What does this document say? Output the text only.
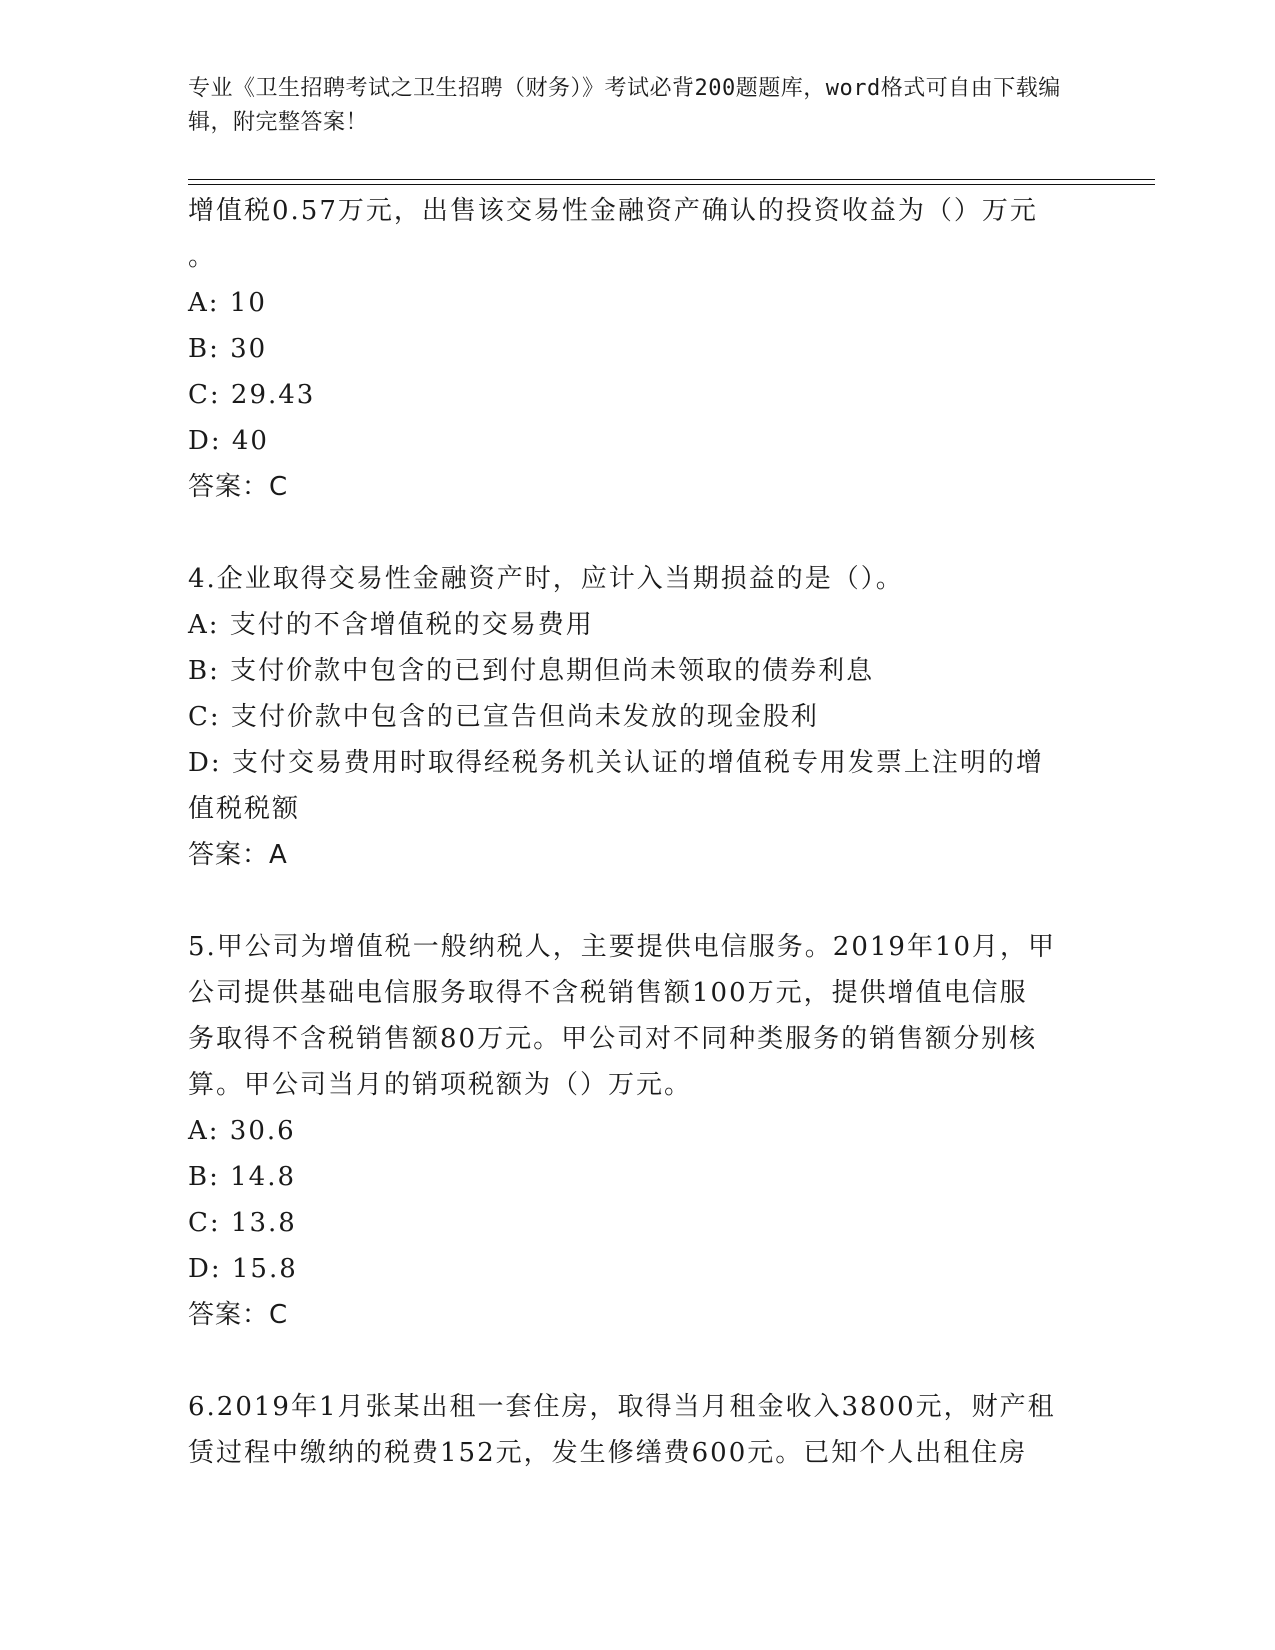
专业《卫生招聘考试之卫生招聘（财务）》考试必背200题题库，word格式可自由下载编辑，附完整答案！

增值税0.57万元，出售该交易性金融资产确认的投资收益为（）万元
。
A: 10
B: 30
C: 29.43
D: 40
答案：C
4.企业取得交易性金融资产时，应计入当期损益的是（）。
A: 支付的不含增值税的交易费用
B: 支付价款中包含的已到付息期但尚未领取的债券利息
C: 支付价款中包含的已宣告但尚未发放的现金股利
D: 支付交易费用时取得经税务机关认证的增值税专用发票上注明的增
值税税额
答案：A
5.甲公司为增值税一般纳税人，主要提供电信服务。2019年10月，甲
公司提供基础电信服务取得不含税销售额100万元，提供增值电信服
务取得不含税销售额80万元。甲公司对不同种类服务的销售额分别核
算。甲公司当月的销项税额为（）万元。
A: 30.6
B: 14.8
C: 13.8
D: 15.8
答案：C
6.2019年1月张某出租一套住房，取得当月租金收入3800元，财产租
赁过程中缴纳的税费152元，发生修缮费600元。已知个人出租住房
